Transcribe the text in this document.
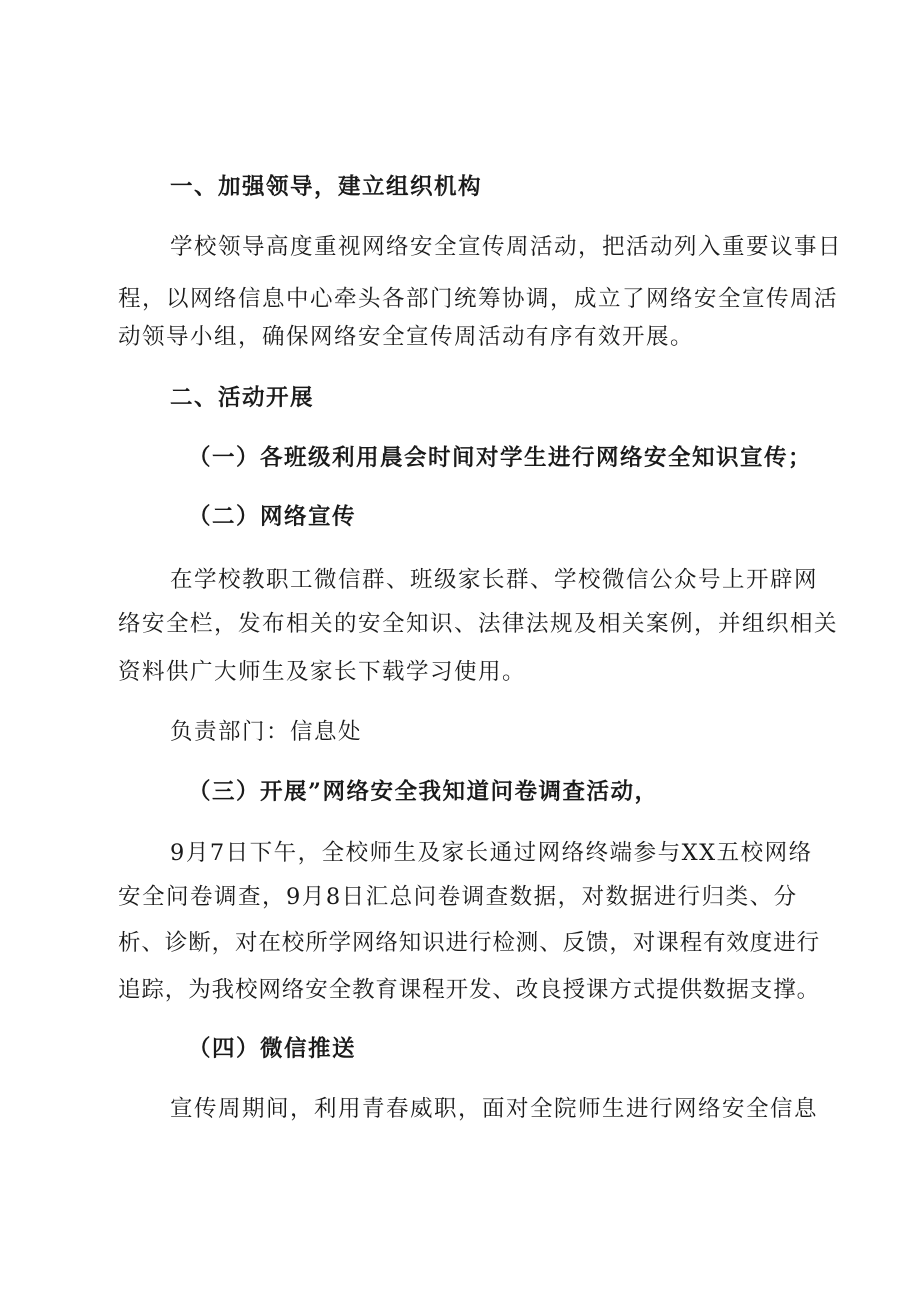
一、加强领导，建立组织机构
学校领导高度重视网络安全宣传周活动，把活动列入重要议事日
程，以网络信息中心牵头各部门统筹协调，成立了网络安全宣传周活
动领导小组，确保网络安全宣传周活动有序有效开展。
二、活动开展
（一）各班级利用晨会时间对学生进行网络安全知识宣传；
（二）网络宣传
在学校教职工微信群、班级家长群、学校微信公众号上开辟网
络安全栏，发布相关的安全知识、法律法规及相关案例，并组织相关
资料供广大师生及家长下载学习使用。
负责部门：信息处
（三）开展”网络安全我知道问卷调查活动，
9月7日下午，全校师生及家长通过网络终端参与XX五校网络
安全问卷调查，9月8日汇总问卷调查数据，对数据进行归类、分
析、诊断，对在校所学网络知识进行检测、反馈，对课程有效度进行
追踪，为我校网络安全教育课程开发、改良授课方式提供数据支撑。
（四）微信推送
宣传周期间，利用青春威职，面对全院师生进行网络安全信息
